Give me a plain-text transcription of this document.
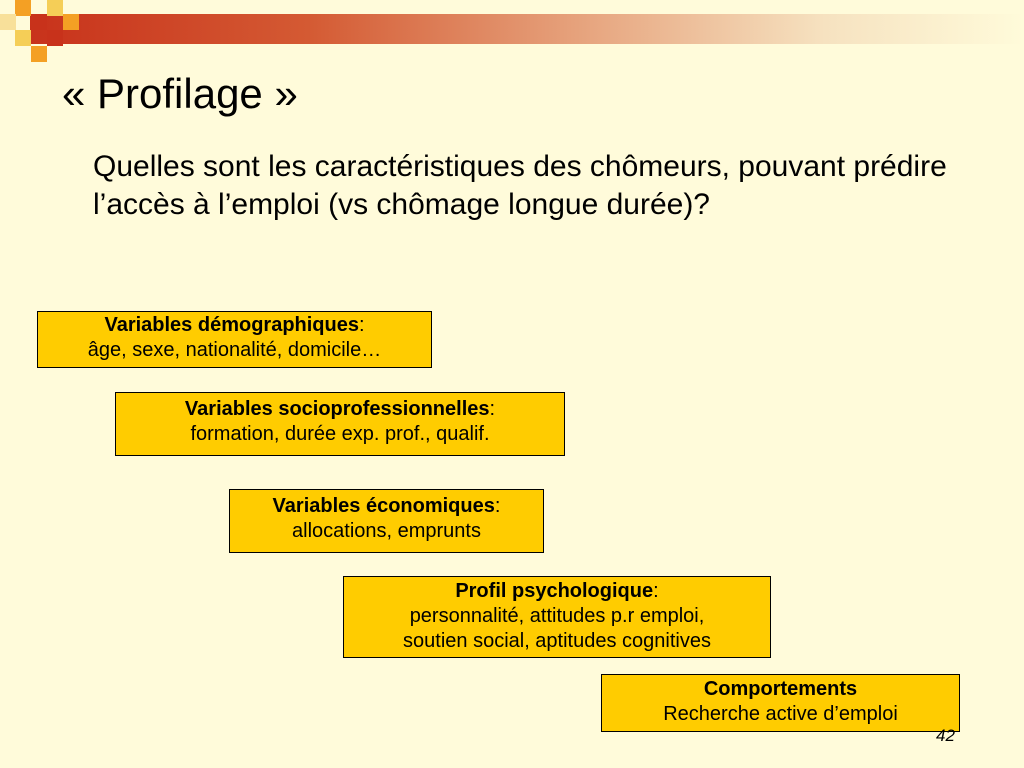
« Profilage »
Quelles sont les caractéristiques des chômeurs, pouvant prédire l’accès à l’emploi (vs chômage longue durée)?
Variables démographiques:
âge, sexe, nationalité, domicile…
Variables socioprofessionnelles:
formation, durée exp. prof., qualif.
Variables économiques:
allocations, emprunts
Profil psychologique:
personnalité, attitudes p.r emploi,
soutien social, aptitudes cognitives
Comportements
Recherche active d’emploi
42
